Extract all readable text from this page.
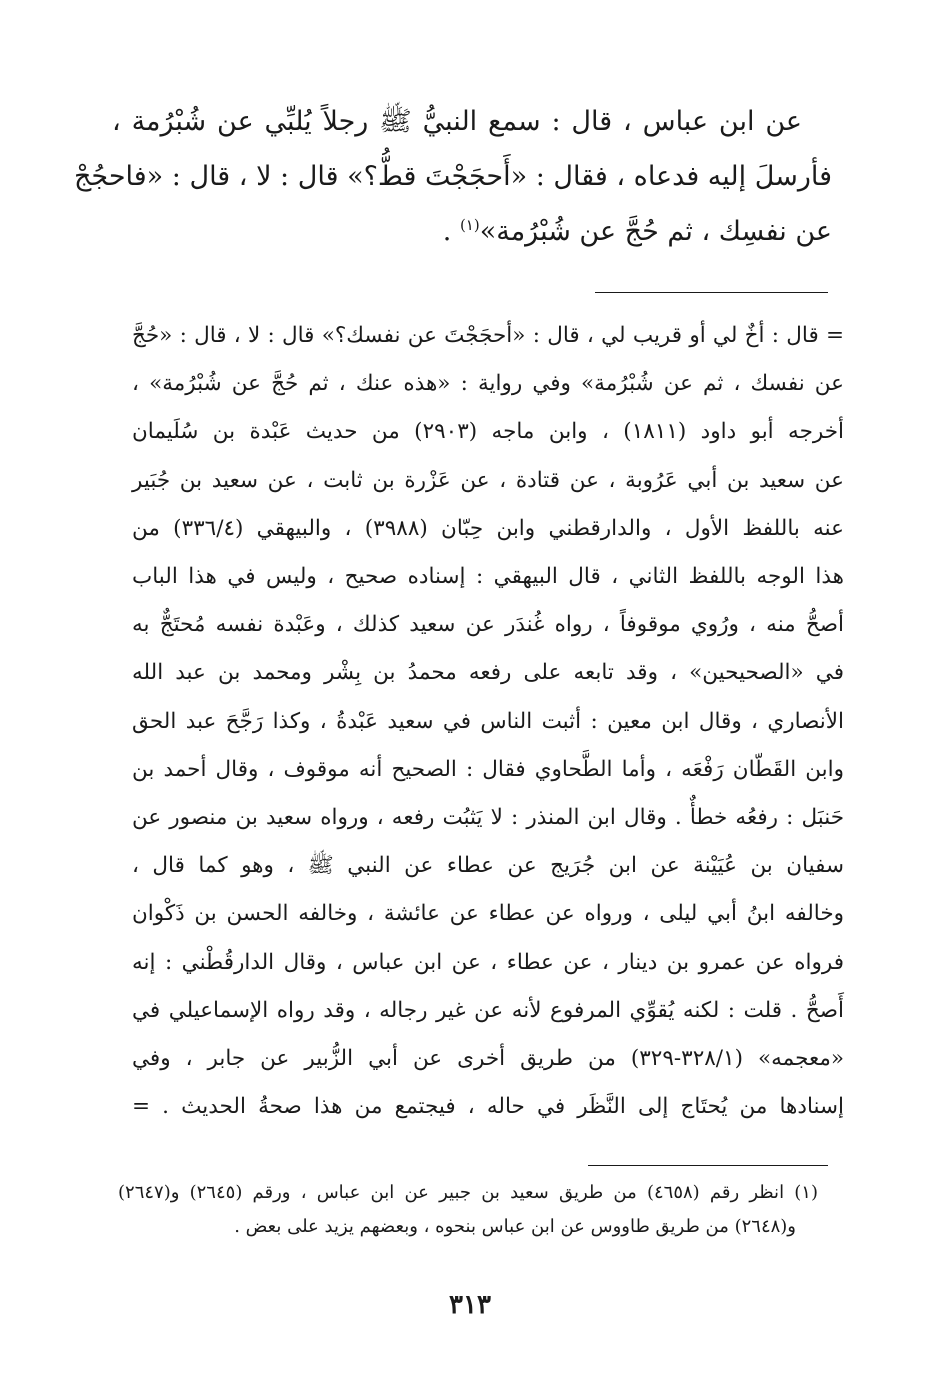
عن ابن عباس ، قال : سمع النبيُّ ﷺ رجلاً يُلبِّي عن شُبْرُمة ،
فأرسلَ إليه فدعاه ، فقال : «أَحجَجْتَ قطُّ؟» قال : لا ، قال : «فاحجُجْ
عن نفسِك ، ثم حُجَّ عن شُبْرُمة»$^{(١)}$ .
= قال : أخٌ لي أو قريب لي ، قال : «أحجَجْتَ عن نفسك؟» قال : لا ، قال : «حُجَّ
عن نفسك ، ثم عن شُبْرُمة» وفي رواية : «هذه عنك ، ثم حُجَّ عن شُبْرُمة» ،
أخرجه أبو داود (١٨١١) ، وابن ماجه (٢٩٠٣) من حديث عَبْدة بن سُلَيمان
عن سعيد بن أبي عَرُوبة ، عن قتادة ، عن عَزْرة بن ثابت ، عن سعيد بن جُبَير
عنه باللفظ الأول ، والدارقطني وابن حِبّان (٣٩٨٨) ، والبيهقي (٣٣٦/٤) من
هذا الوجه باللفظ الثاني ، قال البيهقي : إسناده صحيح ، وليس في هذا الباب
أصحُّ منه ، ورُوي موقوفاً ، رواه غُندَر عن سعيد كذلك ، وعَبْدة نفسه مُحتَجٌّ به
في «الصحيحين» ، وقد تابعه على رفعه محمدُ بن بِشْر ومحمد بن عبد الله
الأنصاري ، وقال ابن معين : أثبت الناس في سعيد عَبْدةُ ، وكذا رَجَّحَ عبد الحق
وابن القَطّان رَفْعَه ، وأما الطَّحاوي فقال : الصحيح أنه موقوف ، وقال أحمد بن
حَنبَل : رفعُه خطأٌ . وقال ابن المنذر : لا يَثبُت رفعه ، ورواه سعيد بن منصور عن
سفيان بن عُيَيْنة عن ابن جُرَيج عن عطاء عن النبي ﷺ ، وهو كما قال ،
وخالفه ابنُ أبي ليلى ، ورواه عن عطاء عن عائشة ، وخالفه الحسن بن ذَكْوان
فرواه عن عمرو بن دينار ، عن عطاء ، عن ابن عباس ، وقال الدارقُطْني : إنه
أَصحُّ . قلت : لكنه يُقوِّي المرفوع لأنه عن غير رجاله ، وقد رواه الإسماعيلي في
«معجمه» (٣٢٨/١-٣٢٩) من طريق أخرى عن أبي الزُّبير عن جابر ، وفي
إسنادها من يُحتَاج إلى النَّظَر في حاله ، فيجتمع من هذا صحةُ الحديث . =
(١) انظر رقم (٤٦٥٨) من طريق سعيد بن جبير عن ابن عباس ، ورقم (٢٦٤٥) و(٢٦٤٧)
و(٢٦٤٨) من طريق طاووس عن ابن عباس بنحوه ، وبعضهم يزيد على بعض .
٣١٣
